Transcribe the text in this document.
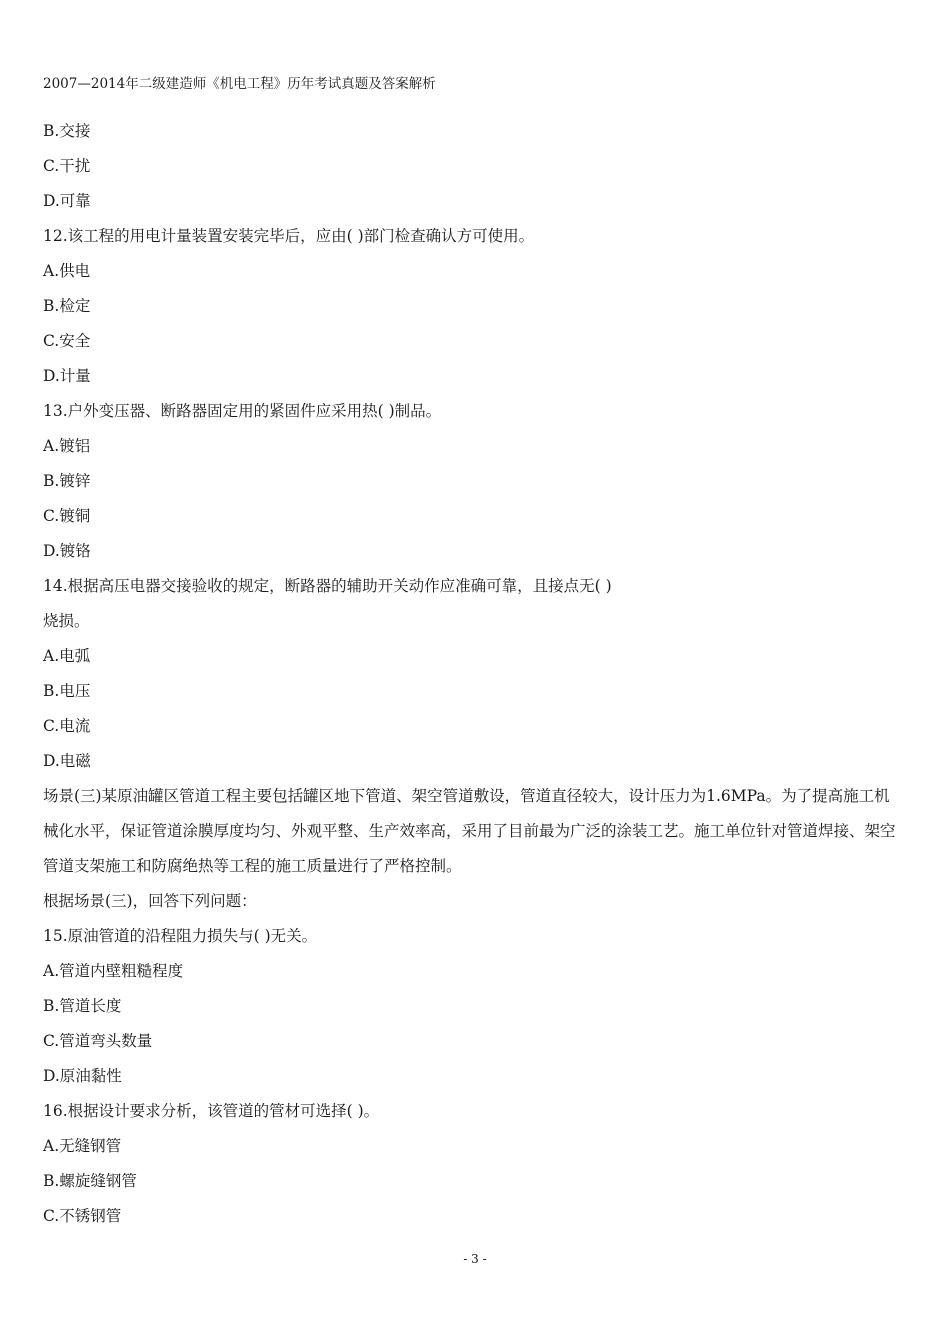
2007—2014年二级建造师《机电工程》历年考试真题及答案解析
B.交接
C.干扰
D.可靠
12.该工程的用电计量装置安装完毕后，应由( )部门检查确认方可使用。
A.供电
B.检定
C.安全
D.计量
13.户外变压器、断路器固定用的紧固件应采用热( )制品。
A.镀铝
B.镀锌
C.镀铜
D.镀铬
14.根据高压电器交接验收的规定，断路器的辅助开关动作应准确可靠，且接点无( )
烧损。
A.电弧
B.电压
C.电流
D.电磁
场景(三)某原油罐区管道工程主要包括罐区地下管道、架空管道敷设，管道直径较大，设计压力为1.6MPa。为了提高施工机械化水平，保证管道涂膜厚度均匀、外观平整、生产效率高，采用了目前最为广泛的涂装工艺。施工单位针对管道焊接、架空管道支架施工和防腐绝热等工程的施工质量进行了严格控制。
根据场景(三)，回答下列问题：
15.原油管道的沿程阻力损失与( )无关。
A.管道内壁粗糙程度
B.管道长度
C.管道弯头数量
D.原油黏性
16.根据设计要求分析，该管道的管材可选择( )。
A.无缝钢管
B.螺旋缝钢管
C.不锈钢管
- 3 -
